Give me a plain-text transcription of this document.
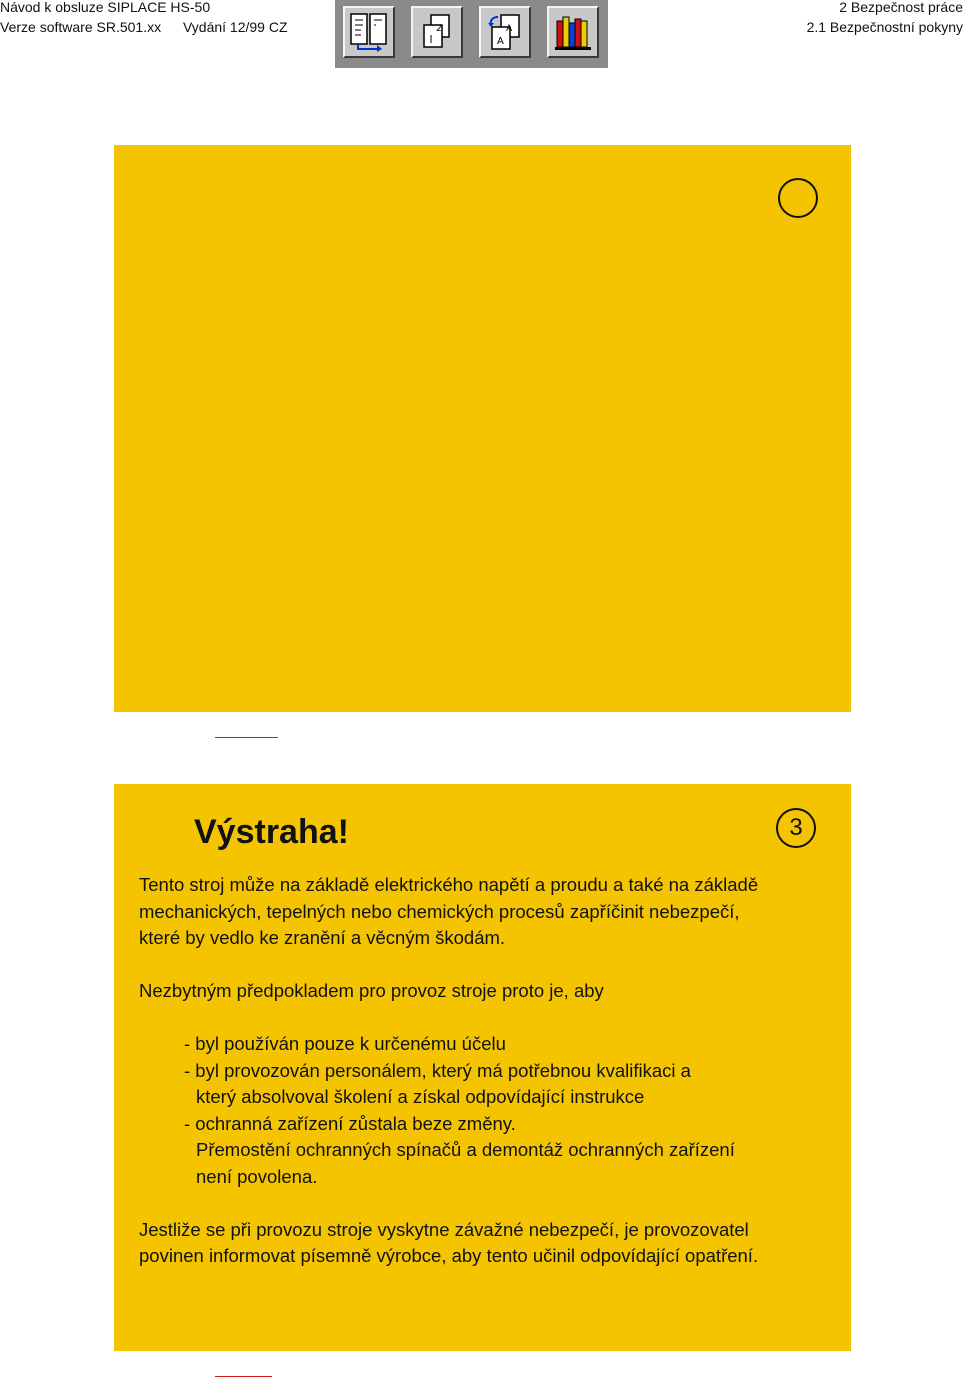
Návod k obsluze SIPLACE HS-50
Verze software SR.501.xx Vydání 12/99 CZ
2 Bezpečnost práce
2.1 Bezpečnostní pokyny
2
A
A
Výstraha!	3

Tento stroj může na základě elektrického napětí a proudu a také na základě

mechanických, tepelných nebo chemických procesů zapříčinit nebezpečí,

které by vedlo ke zranění a věcným škodám.

Nezbytným předpokladem pro provoz stroje proto je, aby

- byl používán pouze k určenému účelu

- byl provozován personálem, který má potřebnou kvalifikaci a

který absolvoval školení a získal odpovídající instrukce

- ochranná zařízení zůstala beze změny.

Přemostění ochranných spínačů a demontáž ochranných zařízení

není povolena.

Jestliže se při provozu stroje vyskytne závažné nebezpečí, je provozovatel

povinen informovat písemně výrobce, aby tento učinil odpovídající opatření.
